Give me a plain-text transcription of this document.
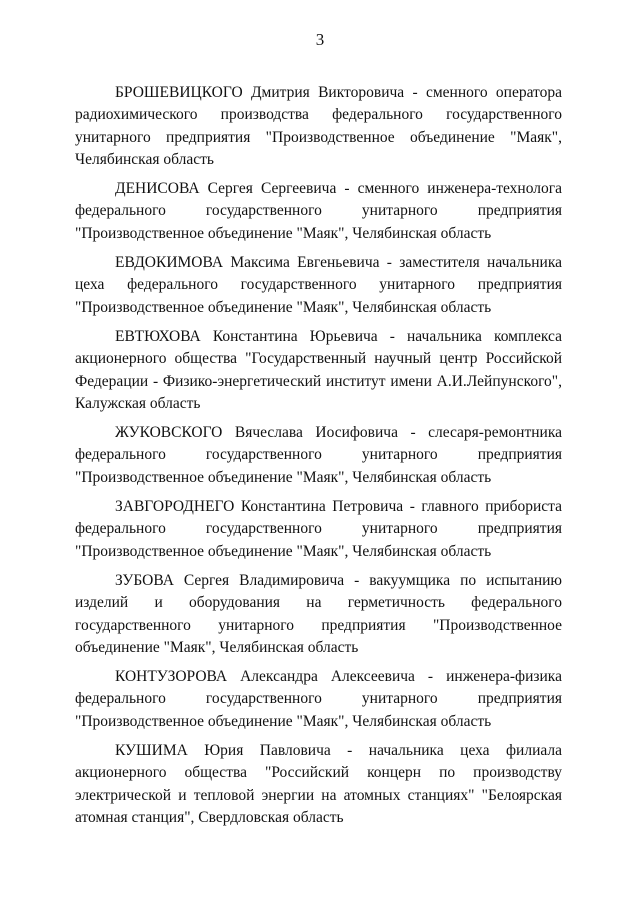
3

БРОШЕВИЦКОГО Дмитрия Викторовича - сменного оператора радиохимического производства федерального государственного унитарного предприятия "Производственное объединение "Маяк", Челябинская область

ДЕНИСОВА Сергея Сергеевича - сменного инженера-технолога федерального государственного унитарного предприятия "Производственное объединение "Маяк", Челябинская область

ЕВДОКИМОВА Максима Евгеньевича - заместителя начальника цеха федерального государственного унитарного предприятия "Производственное объединение "Маяк", Челябинская область

ЕВТЮХОВА Константина Юрьевича - начальника комплекса акционерного общества "Государственный научный центр Российской Федерации - Физико-энергетический институт имени А.И.Лейпунского", Калужская область

ЖУКОВСКОГО Вячеслава Иосифовича - слесаря-ремонтника федерального государственного унитарного предприятия "Производственное объединение "Маяк", Челябинская область

ЗАВГОРОДНЕГО Константина Петровича - главного прибориста федерального государственного унитарного предприятия "Производственное объединение "Маяк", Челябинская область

ЗУБОВА Сергея Владимировича - вакуумщика по испытанию изделий и оборудования на герметичность федерального государственного унитарного предприятия "Производственное объединение "Маяк", Челябинская область

КОНТУЗОРОВА Александра Алексеевича - инженера-физика федерального государственного унитарного предприятия "Производственное объединение "Маяк", Челябинская область

КУШИМА Юрия Павловича - начальника цеха филиала акционерного общества "Российский концерн по производству электрической и тепловой энергии на атомных станциях" "Белоярская атомная станция", Свердловская область
